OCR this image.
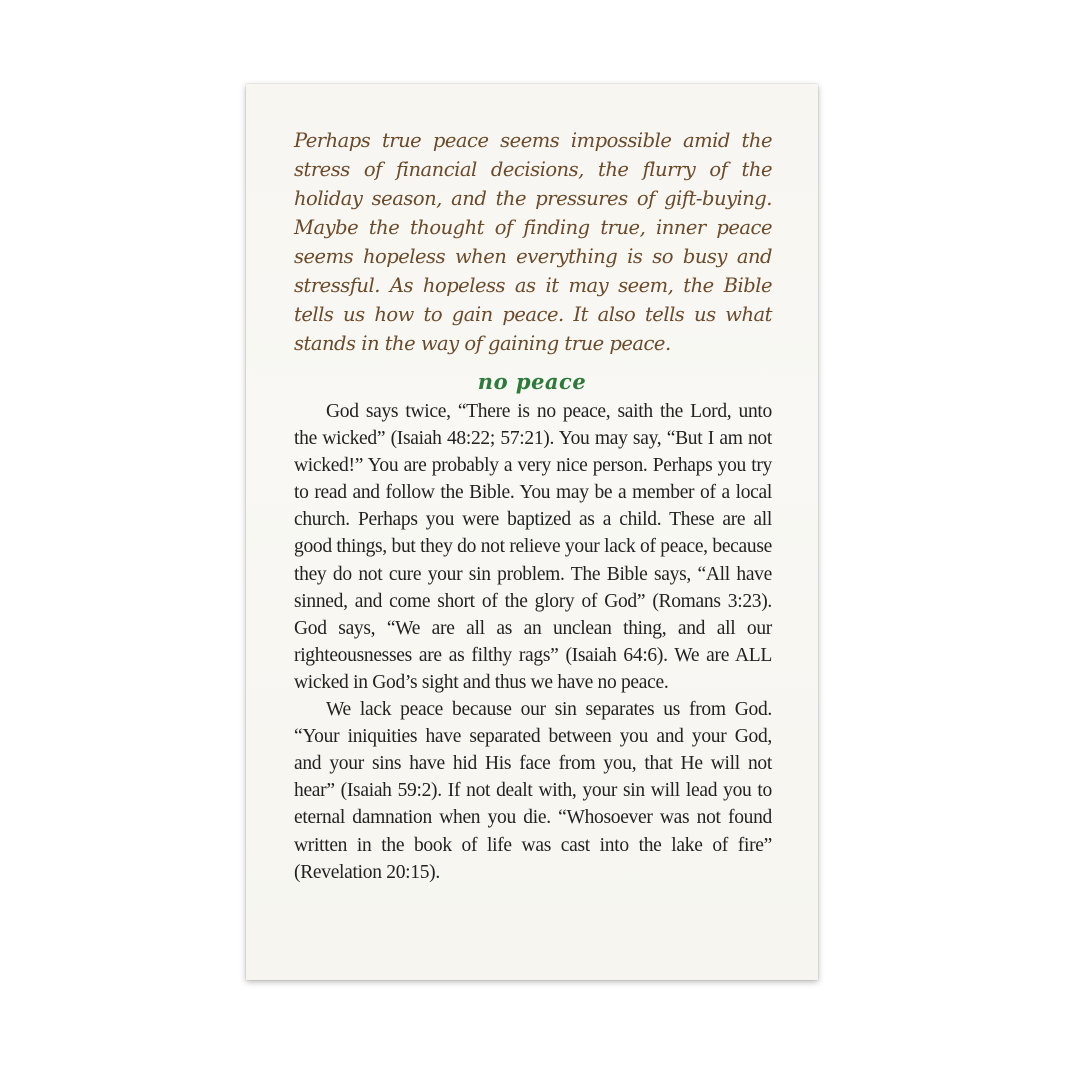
Perhaps true peace seems impossible amid the stress of financial decisions, the flurry of the holiday season, and the pressures of gift-buying. Maybe the thought of finding true, inner peace seems hopeless when everything is so busy and stressful. As hopeless as it may seem, the Bible tells us how to gain peace. It also tells us what stands in the way of gaining true peace.

no peace

God says twice, “There is no peace, saith the Lord, unto the wicked” (Isaiah 48:22; 57:21). You may say, “But I am not wicked!” You are probably a very nice person. Perhaps you try to read and follow the Bible. You may be a member of a local church. Perhaps you were baptized as a child. These are all good things, but they do not relieve your lack of peace, because they do not cure your sin problem. The Bible says, “All have sinned, and come short of the glory of God” (Romans 3:23). God says, “We are all as an unclean thing, and all our righteousnesses are as filthy rags” (Isaiah 64:6). We are ALL wicked in God’s sight and thus we have no peace.

We lack peace because our sin separates us from God. “Your iniquities have separated between you and your God, and your sins have hid His face from you, that He will not hear” (Isaiah 59:2). If not dealt with, your sin will lead you to eternal damnation when you die. “Whosoever was not found written in the book of life was cast into the lake of fire” (Revelation 20:15).
